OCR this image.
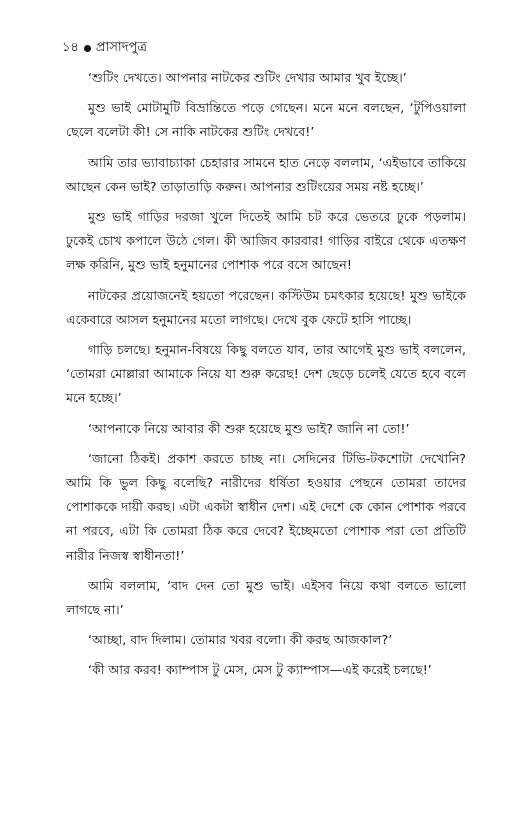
১৪ প্রাসাদপুত্র

‘শুটিং দেখতে। আপনার নাটকের শুটিং দেখার আমার খুব ইচ্ছে।’

মুশু ভাই মোটামুটি বিভ্রান্তিতে পড়ে গেছেন। মনে মনে বলছেন, ‘টুপিওয়ালা ছেলে বলেটা কী! সে নাকি নাটকের শুটিং দেখবে!’

আমি তার ভ্যাবাচ্যাকা চেহারার সামনে হাত নেড়ে বললাম, ‘এইভাবে তাকিয়ে আছেন কেন ভাই? তাড়াতাড়ি করুন। আপনার শুটিংয়ের সময় নষ্ট হচ্ছে।’

মুশু ভাই গাড়ির দরজা খুলে দিতেই আমি চট করে ভেতরে ঢুকে পড়লাম। ঢুকেই চোখ কপালে উঠে গেল। কী আজিব কারবার! গাড়ির বাইরে থেকে এতক্ষণ লক্ষ করিনি, মুশু ভাই হনুমানের পোশাক পরে বসে আছেন!

নাটকের প্রয়োজনেই হয়তো পরেছেন। কস্টিউম চমৎকার হয়েছে! মুশু ভাইকে একেবারে আসল হনুমানের মতো লাগছে। দেখে বুক ফেটে হাসি পাচ্ছে।

গাড়ি চলছে। হনুমান-বিষয়ে কিছু বলতে যাব, তার আগেই মুশু ভাই বললেন, ‘তোমরা মোল্লারা আমাকে নিয়ে যা শুরু করেছ! দেশ ছেড়ে চলেই যেতে হবে বলে মনে হচ্ছে।’

‘আপনাকে নিয়ে আবার কী শুরু হয়েছে মুশু ভাই? জানি না তো!’

‘জানো ঠিকই। প্রকাশ করতে চাচ্ছ না। সেদিনের টিভি-টকশোটা দেখোনি? আমি কি ভুল কিছু বলেছি? নারীদের ধর্ষিতা হওয়ার পেছনে তোমরা তাদের পোশাককে দায়ী করছ। এটা একটা স্বাধীন দেশ। এই দেশে কে কোন পোশাক পরবে না পরবে, এটা কি তোমরা ঠিক করে দেবে? ইচ্ছেমতো পোশাক পরা তো প্রতিটি নারীর নিজস্ব স্বাধীনতা!’

আমি বললাম, ‘বাদ দেন তো মুশু ভাই। এইসব নিয়ে কথা বলতে ভালো লাগছে না।’

‘আচ্ছা, বাদ দিলাম। তোমার খবর বলো। কী করছ আজকাল?’

‘কী আর করব! ক্যাম্পাস টু মেস, মেস টু ক্যাম্পাস—এই করেই চলছে!’
